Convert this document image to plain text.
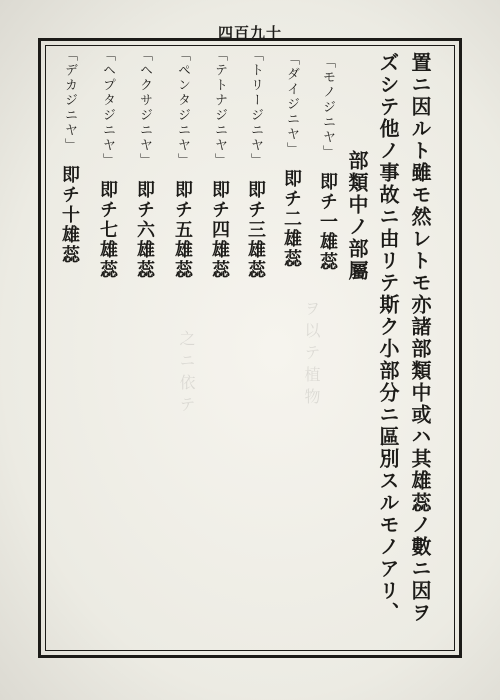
四百九十
ヲ以テ植物
之ニ依テ	置ニ因ルト雖モ然レトモ亦諸部類中或ハ其雄蕊ノ數ニ因ヲ
ズシテ他ノ事故ニ由リテ斯ク小部分ニ區別スルモノアリ、
部類中ノ部屬
「モノジニヤ」即チ一雄蕊
「ダイジニヤ」即チ二雄蕊
「トリージニヤ」即チ三雄蕊
「テトナジニヤ」即チ四雄蕊
「ペンタジニヤ」即チ五雄蕊
「ヘクサジニヤ」即チ六雄蕊
「ヘプタジニヤ」即チ七雄蕊
「デカジニヤ」即チ十雄蕊
